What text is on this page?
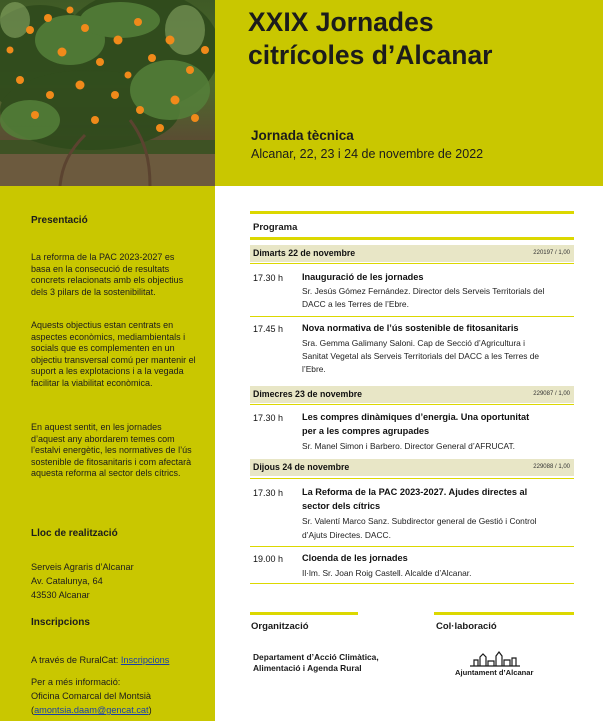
XXIX Jornades
citrícoles d’Alcanar
Jornada tècnica
Alcanar, 22, 23 i 24 de novembre de 2022
Presentació
La reforma de la PAC 2023-2027 es basa en la consecució de resultats concrets relacionats amb els objectius dels 3 pilars de la sostenibilitat.
Aquests objectius estan centrats en aspectes econòmics, mediambientals i socials que es complementen en un objectiu transversal comú per mantenir el suport a les explotacions i a la vegada facilitar la viabilitat econòmica.
En aquest sentit, en les jornades d’aquest any abordarem temes com l’estalvi energètic, les normatives de l’ús sostenible de fitosanitaris i com afectarà aquesta reforma al sector dels cítrics.
Lloc de realització
Serveis Agraris d’Alcanar
Av. Catalunya, 64
43530 Alcanar
Inscripcions
A través de RuralCat: Inscripcions
Per a més informació:
Oficina Comarcal del Montsià
(amontsia.daam@gencat.cat)
Programa
Dimarts 22 de novembre	220197 / 1,00
17.30 h Inauguració de les jornades
Sr. Jesús Gómez Fernández. Director dels Serveis Territorials del
DACC a les Terres de l’Ebre.
17.45 h Nova normativa de l’ús sostenible de fitosanitaris
Sra. Gemma Galimany Saloni. Cap de Secció d’Agricultura i
Sanitat Vegetal als Serveis Territorials del DACC a les Terres de
l’Ebre.
Dimecres 23 de novembre	229087 / 1,00
17.30 h Les compres dinàmiques d’energia. Una oportunitat
per a les compres agrupades
Sr. Manel Simon i Barbero. Director General d’AFRUCAT.
Dijous 24 de novembre	229088 / 1,00
17.30 h La Reforma de la PAC 2023-2027. Ajudes directes al
sector dels cítrics
Sr. Valentí Marco Sanz. Subdirector general de Gestió i Control
d’Ajuts Directes. DACC.
19.00 h Cloenda de les jornades
Il·lm. Sr. Joan Roig Castell. Alcalde d’Alcanar.
Organització
Departament d’Acció Climàtica,
Alimentació i Agenda Rural
Col·laboració
Ajuntament d’Alcanar
